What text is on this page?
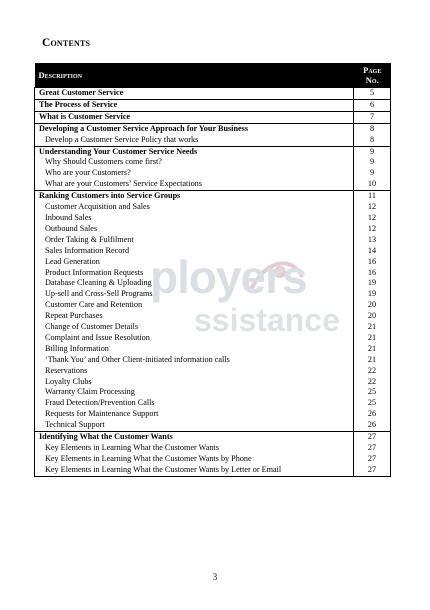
Contents
Description	Page
No.
Great Customer Service	5
The Process of Service	6
What is Customer Service	7
Developing a Customer Service Approach for Your Business	8
Develop a Customer Service Policy that works	8
Understanding Your Customer Service Needs	9
Why Should Customers come first?	9
Who are your Customers?	9
What are your Customers’ Service Expectations	10
Ranking Customers into Service Groups	11
Customer Acquisition and Sales	12
Inbound Sales	12
Outbound Sales	12
Order Taking & Fulfilment	13
Sales Information Record	14
Lead Generation	16
Product Information Requests	16
Database Cleaning & Uploading	19
Up-sell and Cross-Sell Programs	19
Customer Care and Retention	20
Repeat Purchases	20
Change of Customer Details	21
Complaint and Issue Resolution	21
Billing Information	21
‘Thank You’ and Other Client-initiated information calls	21
Reservations	22
Loyalty Clubs	22
Warranty Claim Processing	25
Fraud Detection/Prevention Calls	25
Requests for Maintenance Support	26
Technical Support	26
Identifying What the Customer Wants	27
Key Elements in Learning What the Customer Wants	27
Key Elements in Learning What the Customer Wants by Phone	27
Key Elements in Learning What the Customer Wants by Letter or Email	27
ployers
ssistance
3
